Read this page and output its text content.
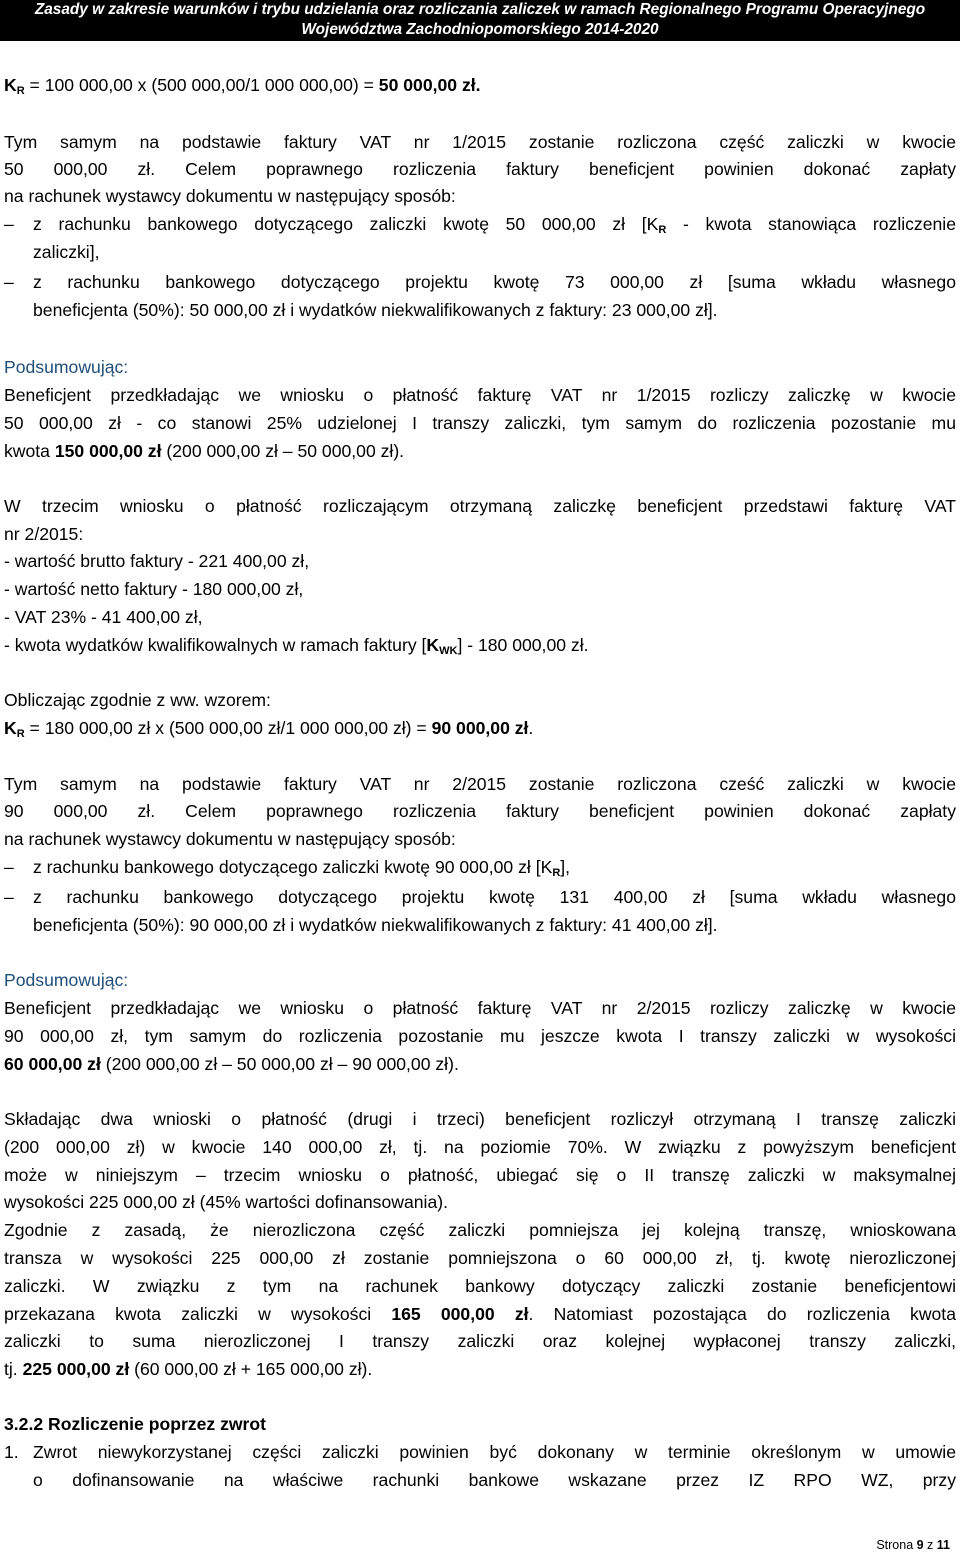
Zasady w zakresie warunków i trybu udzielania oraz rozliczania zaliczek w ramach Regionalnego Programu Operacyjnego
Województwa Zachodniopomorskiego 2014-2020
$K_R = 100$ 000,00 x (500 000,00/1 000 000,00) = 50 000,00 zł.
Tym samym na podstawie faktury VAT nr 1/2015 zostanie rozliczona część zaliczki w kwocie
50 000,00 zł. Celem poprawnego rozliczenia faktury beneficjent powinien dokonać zapłaty
na rachunek wystawcy dokumentu w następujący sposób:
–	z rachunku bankowego dotyczącego zaliczki kwotę 50 000,00 zł [$K_R$ - kwota stanowiąca rozliczenie
zaliczki],
–	z rachunku bankowego dotyczącego projektu kwotę 73 000,00 zł [suma wkładu własnego
beneficjenta (50%): 50 000,00 zł i wydatków niekwalifikowanych z faktury: 23 000,00 zł].
Podsumowując:
Beneficjent przedkładając we wniosku o płatność fakturę VAT nr 1/2015 rozliczy zaliczkę w kwocie
50 000,00 zł - co stanowi 25% udzielonej I transzy zaliczki, tym samym do rozliczenia pozostanie mu
kwota 150 000,00 zł (200 000,00 zł – 50 000,00 zł).
W trzecim wniosku o płatność rozliczającym otrzymaną zaliczkę beneficjent przedstawi fakturę VAT
nr 2/2015:
- wartość brutto faktury - 221 400,00 zł,
- wartość netto faktury - 180 000,00 zł,
- VAT 23% - 41 400,00 zł,
- kwota wydatków kwalifikowalnych w ramach faktury $[K_{WK}] - 180$ 000,00 zł.
Obliczając zgodnie z ww. wzorem:
$K_R = 180$ 000,00 zł x (500 000,00 zł/1 000 000,00 zł) = 90 000,00 zł.
Tym samym na podstawie faktury VAT nr 2/2015 zostanie rozliczona cześć zaliczki w kwocie
90 000,00 zł. Celem poprawnego rozliczenia faktury beneficjent powinien dokonać zapłaty
na rachunek wystawcy dokumentu w następujący sposób:
–	z rachunku bankowego dotyczącego zaliczki kwotę 90 000,00 zł $[K_R]$,
–	z rachunku bankowego dotyczącego projektu kwotę 131 400,00 zł [suma wkładu własnego
beneficjenta (50%): 90 000,00 zł i wydatków niekwalifikowanych z faktury: 41 400,00 zł].
Podsumowując:
Beneficjent przedkładając we wniosku o płatność fakturę VAT nr 2/2015 rozliczy zaliczkę w kwocie
90 000,00 zł, tym samym do rozliczenia pozostanie mu jeszcze kwota I transzy zaliczki w wysokości
60 000,00 zł (200 000,00 zł – 50 000,00 zł – 90 000,00 zł).
Składając dwa wnioski o płatność (drugi i trzeci) beneficjent rozliczył otrzymaną I transzę zaliczki
(200 000,00 zł) w kwocie 140 000,00 zł, tj. na poziomie 70%. W związku z powyższym beneficjent
może w niniejszym – trzecim wniosku o płatność, ubiegać się o II transzę zaliczki w maksymalnej
wysokości 225 000,00 zł (45% wartości dofinansowania).
Zgodnie z zasadą, że nierozliczona część zaliczki pomniejsza jej kolejną transzę, wnioskowana
transza w wysokości 225 000,00 zł zostanie pomniejszona o 60 000,00 zł, tj. kwotę nierozliczonej
zaliczki. W związku z tym na rachunek bankowy dotyczący zaliczki zostanie beneficjentowi
przekazana kwota zaliczki w wysokości 165 000,00 zł. Natomiast pozostająca do rozliczenia kwota
zaliczki to suma nierozliczonej I transzy zaliczki oraz kolejnej wypłaconej transzy zaliczki,
tj. 225 000,00 zł (60 000,00 zł + 165 000,00 zł).
3.2.2 Rozliczenie poprzez zwrot
1. Zwrot niewykorzystanej części zaliczki powinien być dokonany w terminie określonym w umowie
o dofinansowanie na właściwe rachunki bankowe wskazane przez IZ RPO WZ, przy
Strona 9 z 11
